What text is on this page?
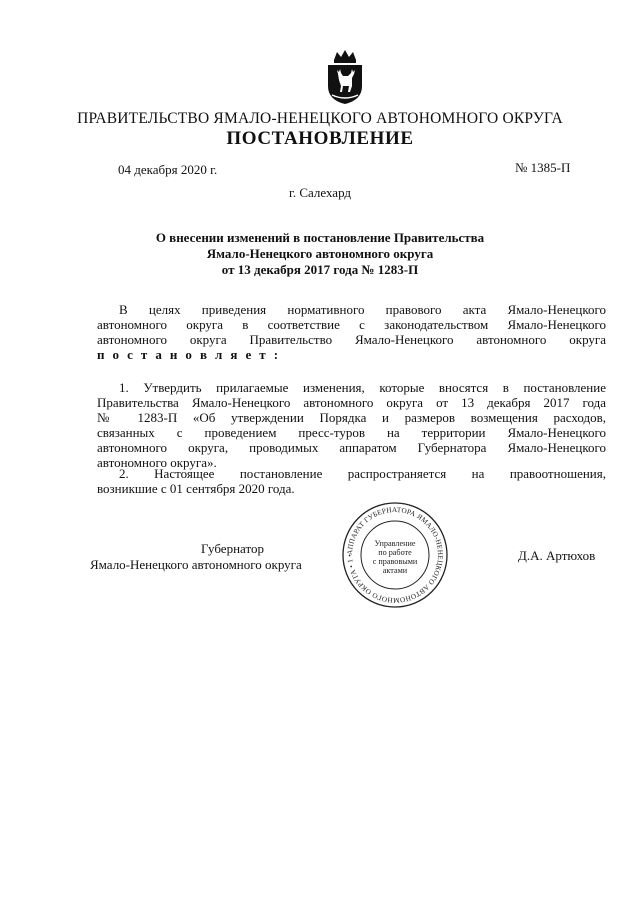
ПРАВИТЕЛЬСТВО ЯМАЛО-НЕНЕЦКОГО АВТОНОМНОГО ОКРУГА
ПОСТАНОВЛЕНИЕ
04 декабря 2020 г.	№ 1385-П
г. Салехард
О внесении изменений в постановление Правительства
Ямало-Ненецкого автономного округа
от 13 декабря 2017 года № 1283-П
В целях приведения нормативного правового акта Ямало-Ненецкого
автономного округа в соответствие с законодательством Ямало-Ненецкого
автономного округа Правительство Ямало-Ненецкого автономного округа
п о с т а н о в л я е т :
1. Утвердить прилагаемые изменения, которые вносятся в постановление
Правительства Ямало-Ненецкого автономного округа от 13 декабря 2017 года
№ 1283-П «Об утверждении Порядка и размеров возмещения расходов,
связанных с проведением пресс-туров на территории Ямало-Ненецкого
автономного округа, проводимых аппаратом Губернатора Ямало-Ненецкого
автономного округа».
2. Настоящее постановление распространяется на правоотношения,
возникшие с 01 сентября 2020 года.
АППАРАТ ГУБЕРНАТОРА ЯМАЛО-НЕНЕЦКОГО АВТОНОМНОГО ОКРУГА • 1 •
Управление
по работе
с правовыми
актами
Губернатор
Ямало-Ненецкого автономного округа
Д.А. Артюхов
